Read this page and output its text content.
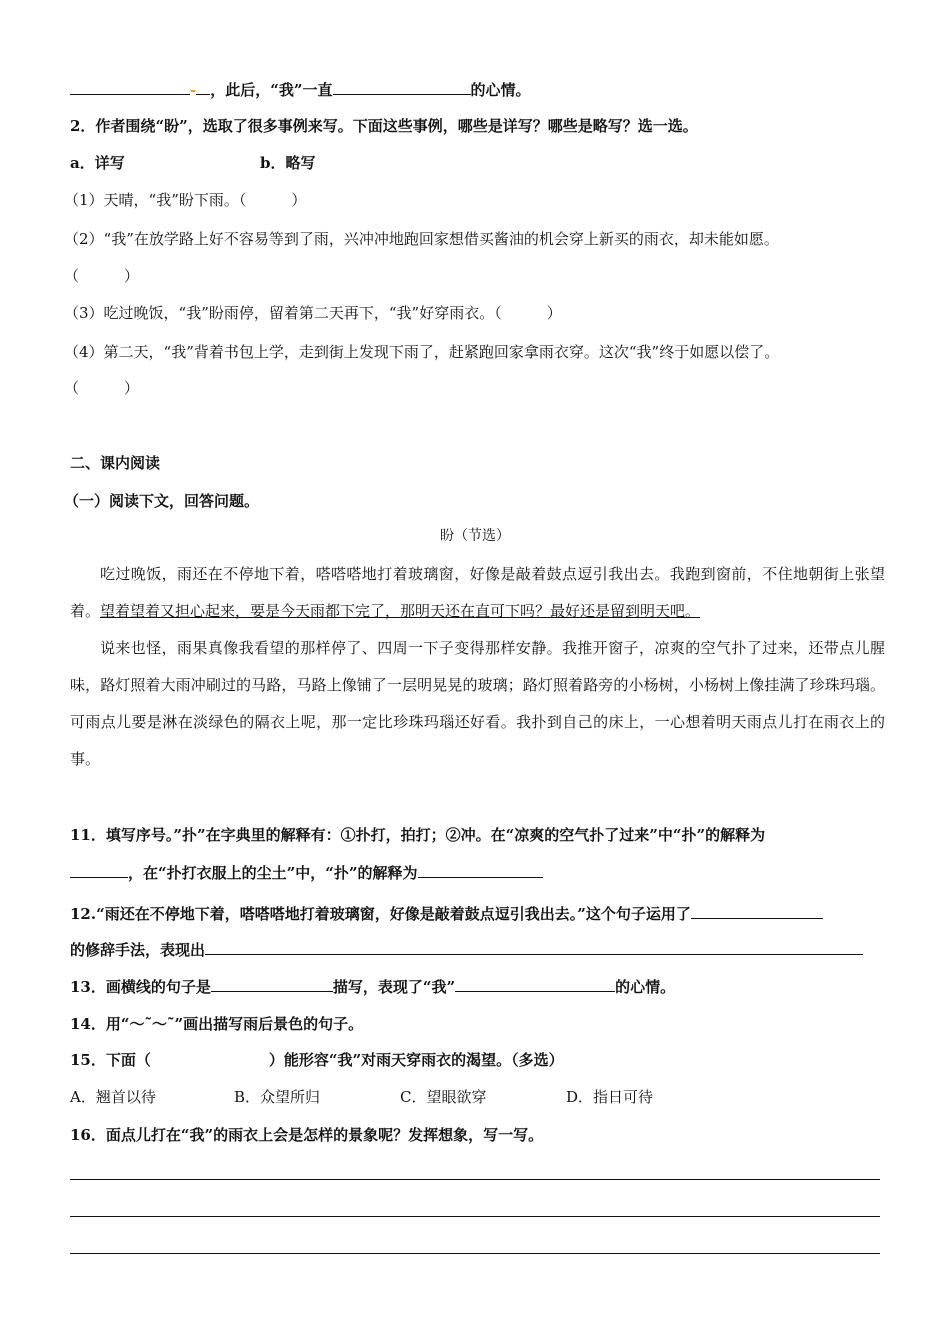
- ，此后，“我”一直	的心情。
2．作者围绕“盼”，选取了很多事例来写。下面这些事例，哪些是详写？哪些是略写？选一选。
a．详写	b．略写
（1）天晴，“我”盼下雨。（　　　）
（2）“我”在放学路上好不容易等到了雨，兴冲冲地跑回家想借买酱油的机会穿上新买的雨衣，却未能如愿。
（　　　）
（3）吃过晚饭，“我”盼雨停，留着第二天再下，“我”好穿雨衣。（　　　）
（4）第二天，“我”背着书包上学，走到街上发现下雨了，赶紧跑回家拿雨衣穿。这次“我”终于如愿以偿了。
（　　　）
二、课内阅读
（一）阅读下文，回答问题。
盼（节选）
吃过晚饭，雨还在不停地下着，嗒嗒嗒地打着玻璃窗，好像是敲着鼓点逗引我出去。我跑到窗前，不住地朝街上张望着。望着望着又担心起来，要是今天雨都下完了，那明天还在直可下吗？最好还是留到明天吧。
说来也怪，雨果真像我看望的那样停了、四周一下子变得那样安静。我推开窗子，凉爽的空气扑了过来，还带点儿腥味，路灯照着大雨冲刷过的马路，马路上像铺了一层明晃晃的玻璃；路灯照着路旁的小杨树，小杨树上像挂满了珍珠玛瑙。可雨点儿要是淋在淡绿色的隔衣上呢，那一定比珍珠玛瑙还好看。我扑到自己的床上，一心想着明天雨点儿打在雨衣上的事。
11．填写序号。”扑”在字典里的解释有：①扑打，拍打；②冲。在“凉爽的空气扑了过来”中“扑”的解释为
，在“扑打衣服上的尘土”中，“扑”的解释为
12.“雨还在不停地下着，嗒嗒嗒地打着玻璃窗，好像是敲着鼓点逗引我出去。”这个句子运用了
的修辞手法，表现出
13．画横线的句子是	描写，表现了“我”	的心情。
14．用“～˜～˜”画出描写雨后景色的句子。
15．下面（	）能形容“我”对雨天穿雨衣的渴望。（多选）
A．翘首以待	B．众望所归	C．望眼欲穿	D．指日可待
16．面点儿打在“我”的雨衣上会是怎样的景象呢？发挥想象，写一写。
